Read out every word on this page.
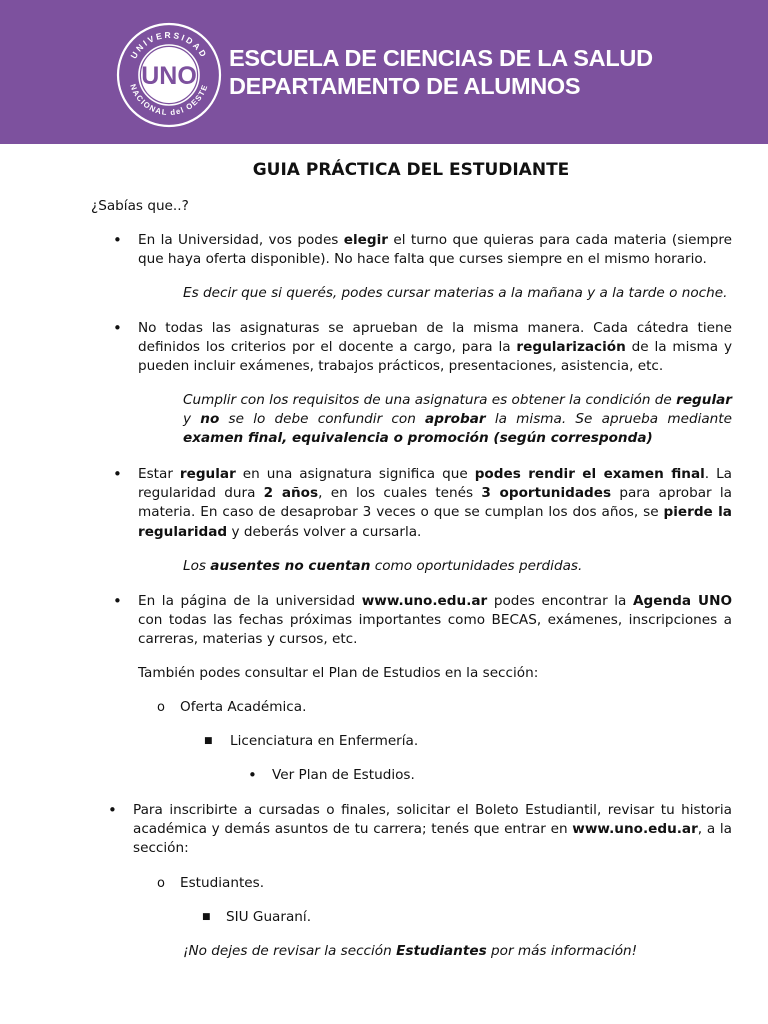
UNO
UNIVERSIDAD
NACIONAL del OESTE
ESCUELA DE CIENCIAS DE LA SALUD
DEPARTAMENTO DE ALUMNOS
GUIA PRÁCTICA DEL ESTUDIANTE
¿Sabías que..?
• En la Universidad, vos podes elegir el turno que quieras para cada materia (siempre que haya oferta disponible). No hace falta que curses siempre en el mismo horario.

Es decir que si querés, podes cursar materias a la mañana y a la tarde o noche.

• No todas las asignaturas se aprueban de la misma manera. Cada cátedra tiene definidos los criterios por el docente a cargo, para la regularización de la misma y pueden incluir exámenes, trabajos prácticos, presentaciones, asistencia, etc.

Cumplir con los requisitos de una asignatura es obtener la condición de regular y no se lo debe confundir con aprobar la misma. Se aprueba mediante examen final, equivalencia o promoción (según corresponda)

• Estar regular en una asignatura significa que podes rendir el examen final. La regularidad dura 2 años, en los cuales tenés 3 oportunidades para aprobar la materia. En caso de desaprobar 3 veces o que se cumplan los dos años, se pierde la regularidad y deberás volver a cursarla.

Los ausentes no cuentan como oportunidades perdidas.

• En la página de la universidad www.uno.edu.ar podes encontrar la Agenda UNO con todas las fechas próximas importantes como BECAS, exámenes, inscripciones a carreras, materias y cursos, etc.

También podes consultar el Plan de Estudios en la sección:

o Oferta Académica.

■ Licenciatura en Enfermería.

• Ver Plan de Estudios.

• Para inscribirte a cursadas o finales, solicitar el Boleto Estudiantil, revisar tu historia académica y demás asuntos de tu carrera; tenés que entrar en www.uno.edu.ar, a la sección:

o Estudiantes.

■ SIU Guaraní.

¡No dejes de revisar la sección Estudiantes por más información!
